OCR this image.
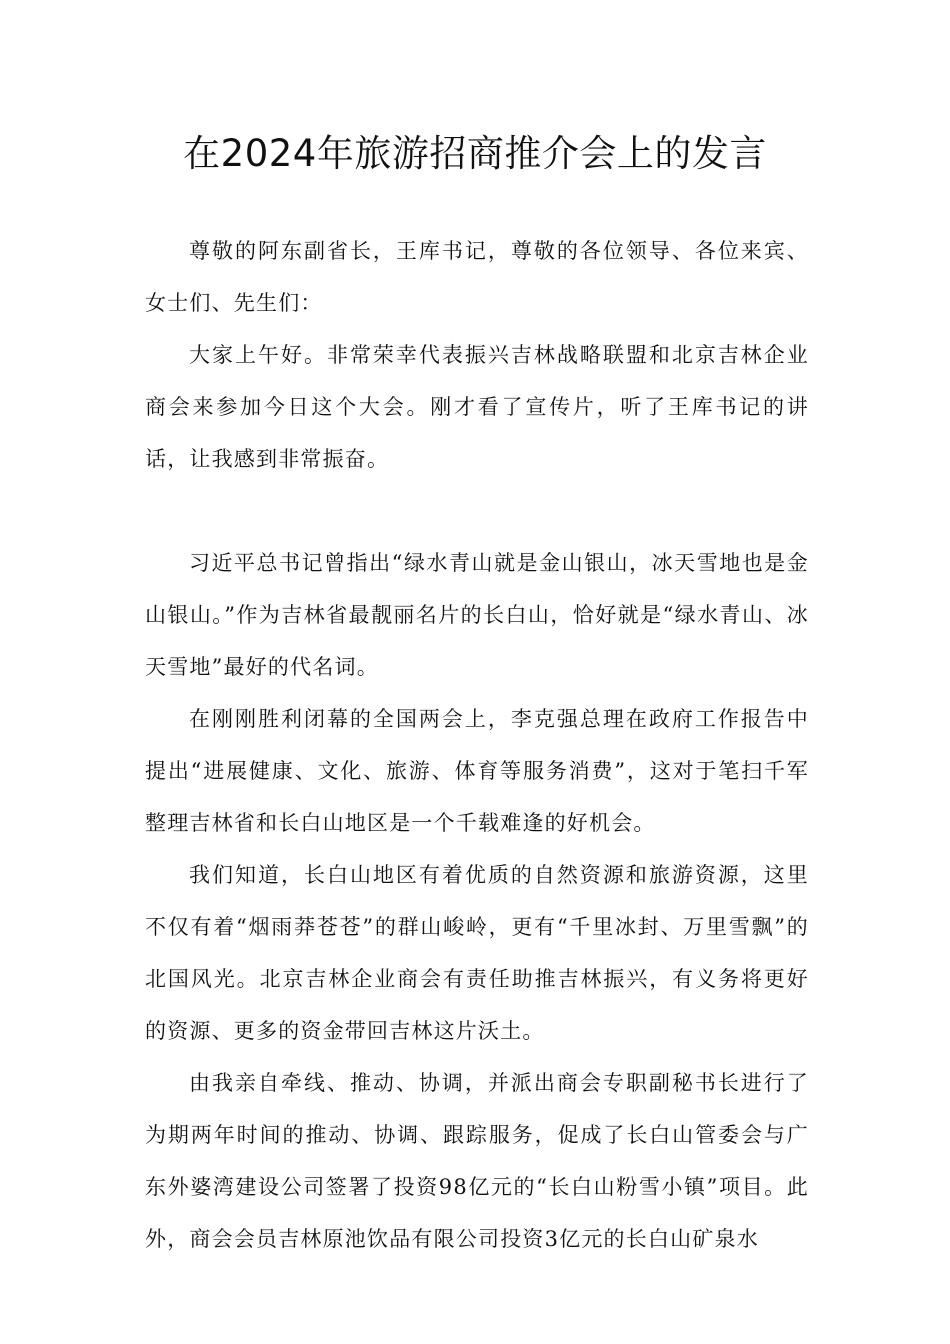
在2024年旅游招商推介会上的发言

尊敬的阿东副省长，王库书记，尊敬的各位领导、各位来宾、女士们、先生们：

大家上午好。非常荣幸代表振兴吉林战略联盟和北京吉林企业商会来参加今日这个大会。刚才看了宣传片，听了王库书记的讲话，让我感到非常振奋。

习近平总书记曾指出“绿水青山就是金山银山，冰天雪地也是金山银山。”作为吉林省最靓丽名片的长白山，恰好就是“绿水青山、冰天雪地”最好的代名词。

在刚刚胜利闭幕的全国两会上，李克强总理在政府工作报告中提出“进展健康、文化、旅游、体育等服务消费”，这对于笔扫千军整理吉林省和长白山地区是一个千载难逢的好机会。

我们知道，长白山地区有着优质的自然资源和旅游资源，这里不仅有着“烟雨莽苍苍”的群山峻岭，更有“千里冰封、万里雪飘”的北国风光。北京吉林企业商会有责任助推吉林振兴，有义务将更好的资源、更多的资金带回吉林这片沃土。

由我亲自牵线、推动、协调，并派出商会专职副秘书长进行了为期两年时间的推动、协调、跟踪服务，促成了长白山管委会与广东外婆湾建设公司签署了投资98亿元的“长白山粉雪小镇”项目。此外，商会会员吉林原池饮品有限公司投资3亿元的长白山矿泉水
